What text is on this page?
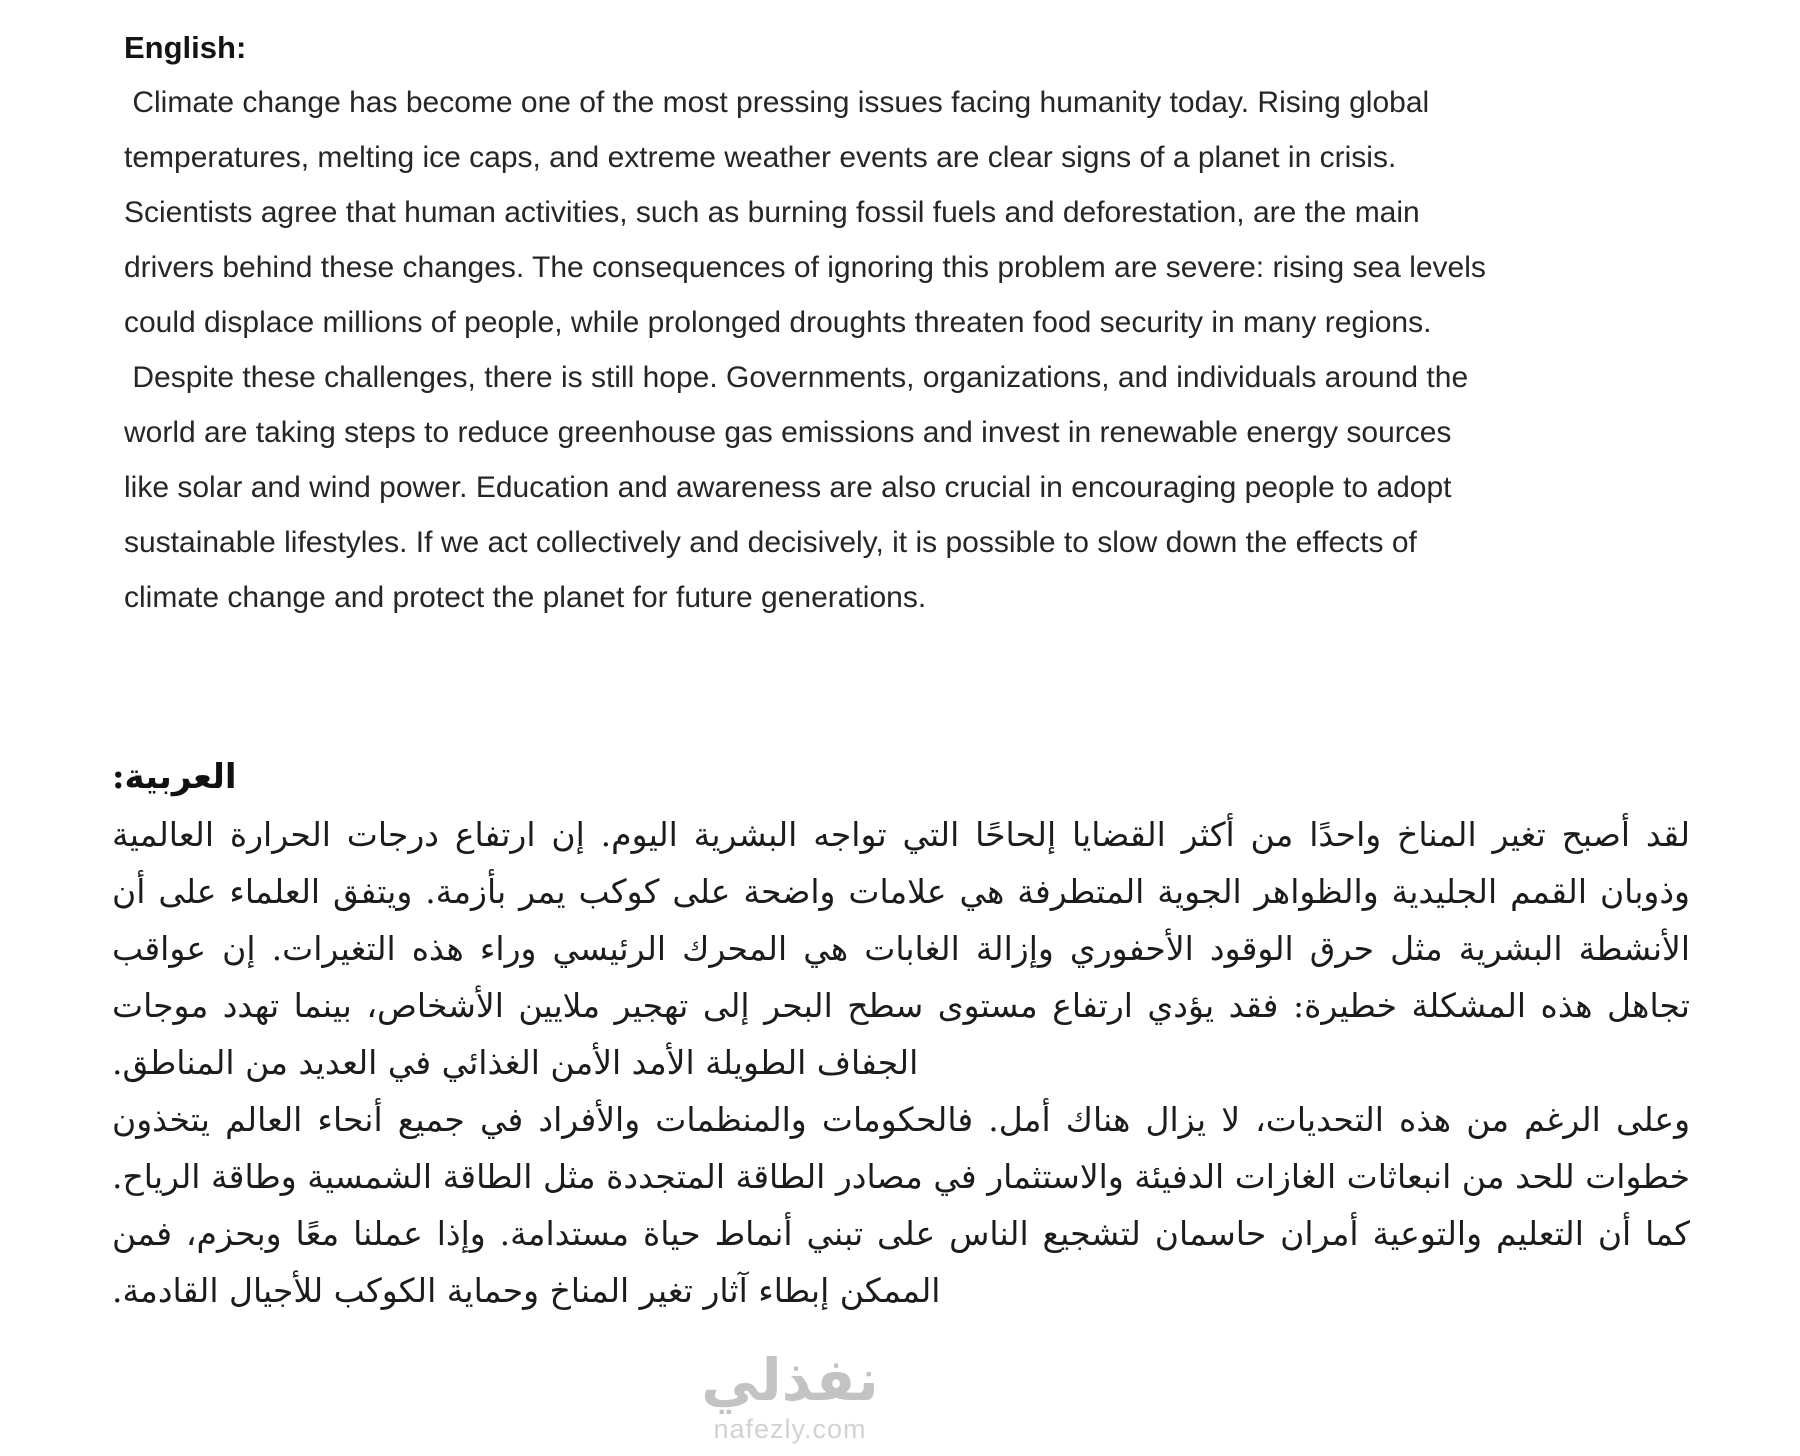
English:

Climate change has become one of the most pressing issues facing humanity today. Rising global temperatures, melting ice caps, and extreme weather events are clear signs of a planet in crisis. Scientists agree that human activities, such as burning fossil fuels and deforestation, are the main drivers behind these changes. The consequences of ignoring this problem are severe: rising sea levels could displace millions of people, while prolonged droughts threaten food security in many regions.

Despite these challenges, there is still hope. Governments, organizations, and individuals around the world are taking steps to reduce greenhouse gas emissions and invest in renewable energy sources like solar and wind power. Education and awareness are also crucial in encouraging people to adopt sustainable lifestyles. If we act collectively and decisively, it is possible to slow down the effects of climate change and protect the planet for future generations.

العربية:

لقد أصبح تغير المناخ واحدًا من أكثر القضايا إلحاحًا التي تواجه البشرية اليوم. إن ارتفاع درجات الحرارة العالمية وذوبان القمم الجليدية والظواهر الجوية المتطرفة هي علامات واضحة على كوكب يمر بأزمة. ويتفق العلماء على أن الأنشطة البشرية مثل حرق الوقود الأحفوري وإزالة الغابات هي المحرك الرئيسي وراء هذه التغيرات. إن عواقب تجاهل هذه المشكلة خطيرة: فقد يؤدي ارتفاع مستوى سطح البحر إلى تهجير ملايين الأشخاص، بينما تهدد موجات الجفاف الطويلة الأمد الأمن الغذائي في العديد من المناطق.

وعلى الرغم من هذه التحديات، لا يزال هناك أمل. فالحكومات والمنظمات والأفراد في جميع أنحاء العالم يتخذون خطوات للحد من انبعاثات الغازات الدفيئة والاستثمار في مصادر الطاقة المتجددة مثل الطاقة الشمسية وطاقة الرياح. كما أن التعليم والتوعية أمران حاسمان لتشجيع الناس على تبني أنماط حياة مستدامة. وإذا عملنا معًا وبحزم، فمن الممكن إبطاء آثار تغير المناخ وحماية الكوكب للأجيال القادمة.

نفذلي
nafezly.com
